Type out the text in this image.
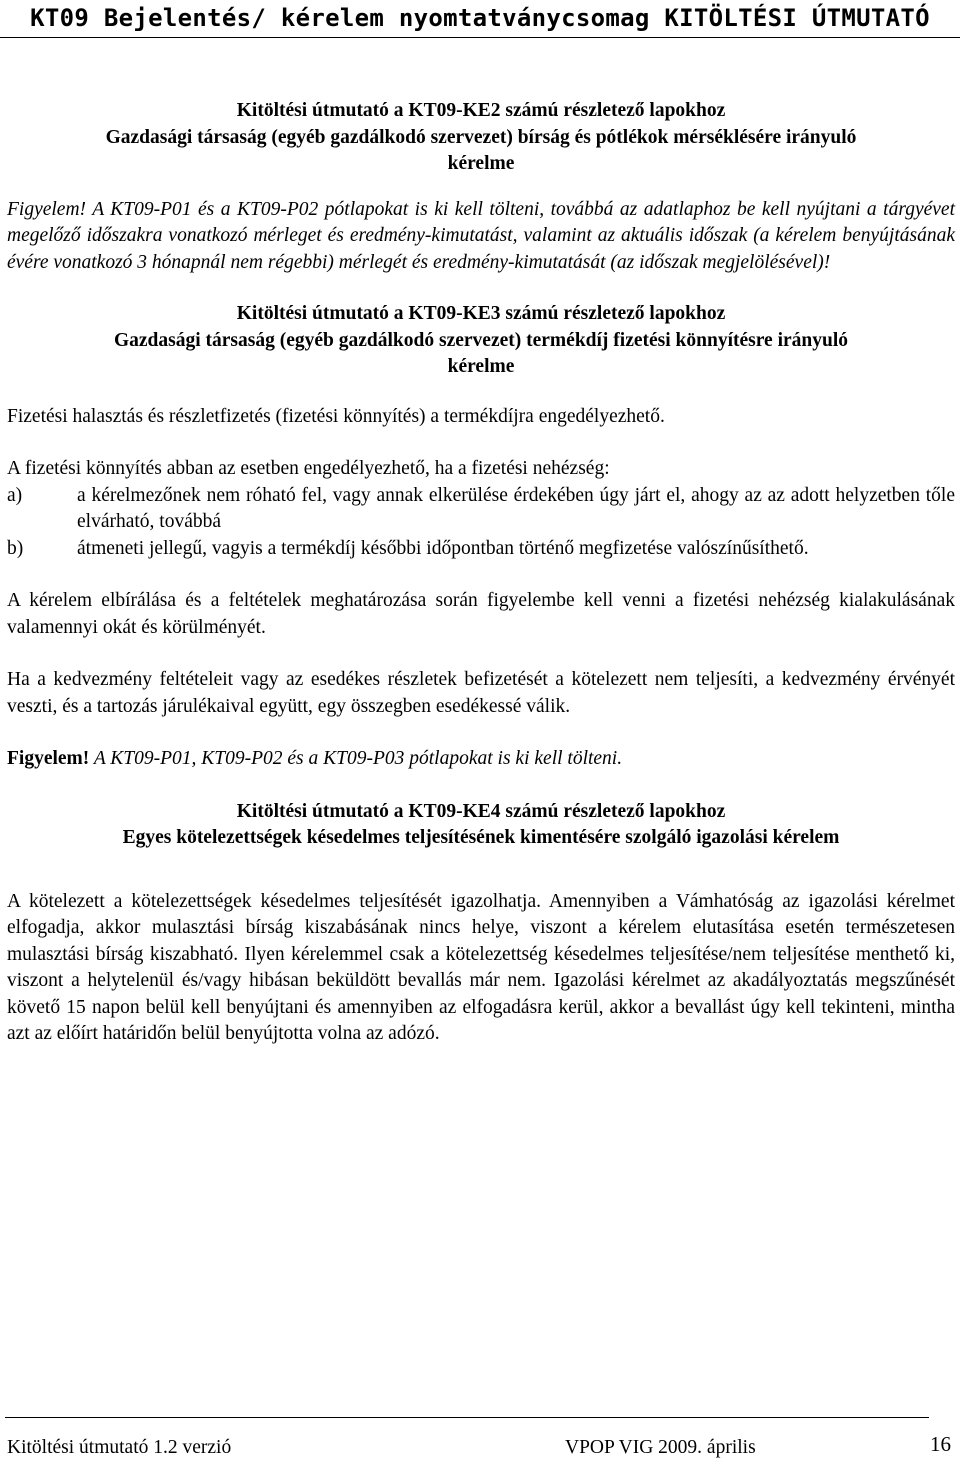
KT09 Bejelentés/ kérelem nyomtatványcsomag KITÖLTÉSI ÚTMUTATÓ
Kitöltési útmutató a KT09-KE2 számú részletező lapokhoz
Gazdasági társaság (egyéb gazdálkodó szervezet) bírság és pótlékok mérséklésére irányuló
kérelme

Figyelem! A KT09-P01 és a KT09-P02 pótlapokat is ki kell tölteni, továbbá az adatlaphoz be kell nyújtani a tárgyévet megelőző időszakra vonatkozó mérleget és eredmény-kimutatást, valamint az aktuális időszak (a kérelem benyújtásának évére vonatkozó 3 hónapnál nem régebbi) mérlegét és eredmény-kimutatását (az időszak megjelölésével)!

Kitöltési útmutató a KT09-KE3 számú részletező lapokhoz
Gazdasági társaság (egyéb gazdálkodó szervezet) termékdíj fizetési könnyítésre irányuló
kérelme

Fizetési halasztás és részletfizetés (fizetési könnyítés) a termékdíjra engedélyezhető.

A fizetési könnyítés abban az esetben engedélyezhető, ha a fizetési nehézség:

a)	a kérelmezőnek nem róható fel, vagy annak elkerülése érdekében úgy járt el, ahogy az az adott helyzetben tőle elvárható, továbbá
b)	átmeneti jellegű, vagyis a termékdíj későbbi időpontban történő megfizetése valószínűsíthető.

A kérelem elbírálása és a feltételek meghatározása során figyelembe kell venni a fizetési nehézség kialakulásának valamennyi okát és körülményét.

Ha a kedvezmény feltételeit vagy az esedékes részletek befizetését a kötelezett nem teljesíti, a kedvezmény érvényét veszti, és a tartozás járulékaival együtt, egy összegben esedékessé válik.

Figyelem! A KT09-P01, KT09-P02 és a KT09-P03 pótlapokat is ki kell tölteni.

Kitöltési útmutató a KT09-KE4 számú részletező lapokhoz
Egyes kötelezettségek késedelmes teljesítésének kimentésére szolgáló igazolási kérelem

A kötelezett a kötelezettségek késedelmes teljesítését igazolhatja. Amennyiben a Vámhatóság az igazolási kérelmet elfogadja, akkor mulasztási bírság kiszabásának nincs helye, viszont a kérelem elutasítása esetén természetesen mulasztási bírság kiszabható. Ilyen kérelemmel csak a kötelezettség késedelmes teljesítése/nem teljesítése menthető ki, viszont a helytelenül és/vagy hibásan beküldött bevallás már nem. Igazolási kérelmet az akadályoztatás megszűnését követő 15 napon belül kell benyújtani és amennyiben az elfogadásra kerül, akkor a bevallást úgy kell tekinteni, mintha azt az előírt határidőn belül benyújtotta volna az adózó.

Kitöltési útmutató 1.2 verzió	VPOP VIG 2009. április	16
